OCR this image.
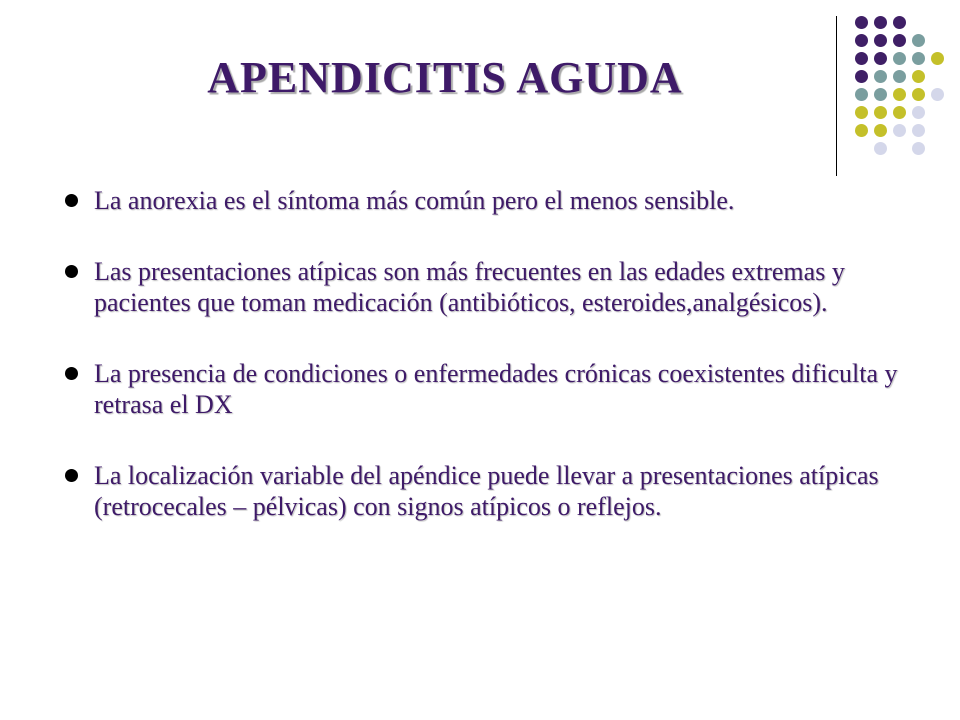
APENDICITIS AGUDA
La anorexia es el síntoma más común pero el menos sensible.
Las presentaciones atípicas son más frecuentes en las edades extremas y pacientes que toman medicación (antibióticos, esteroides,analgésicos).
La presencia de condiciones o enfermedades crónicas coexistentes dificulta y retrasa el DX
La localización variable del apéndice puede llevar a presentaciones atípicas (retrocecales – pélvicas) con signos atípicos o reflejos.
